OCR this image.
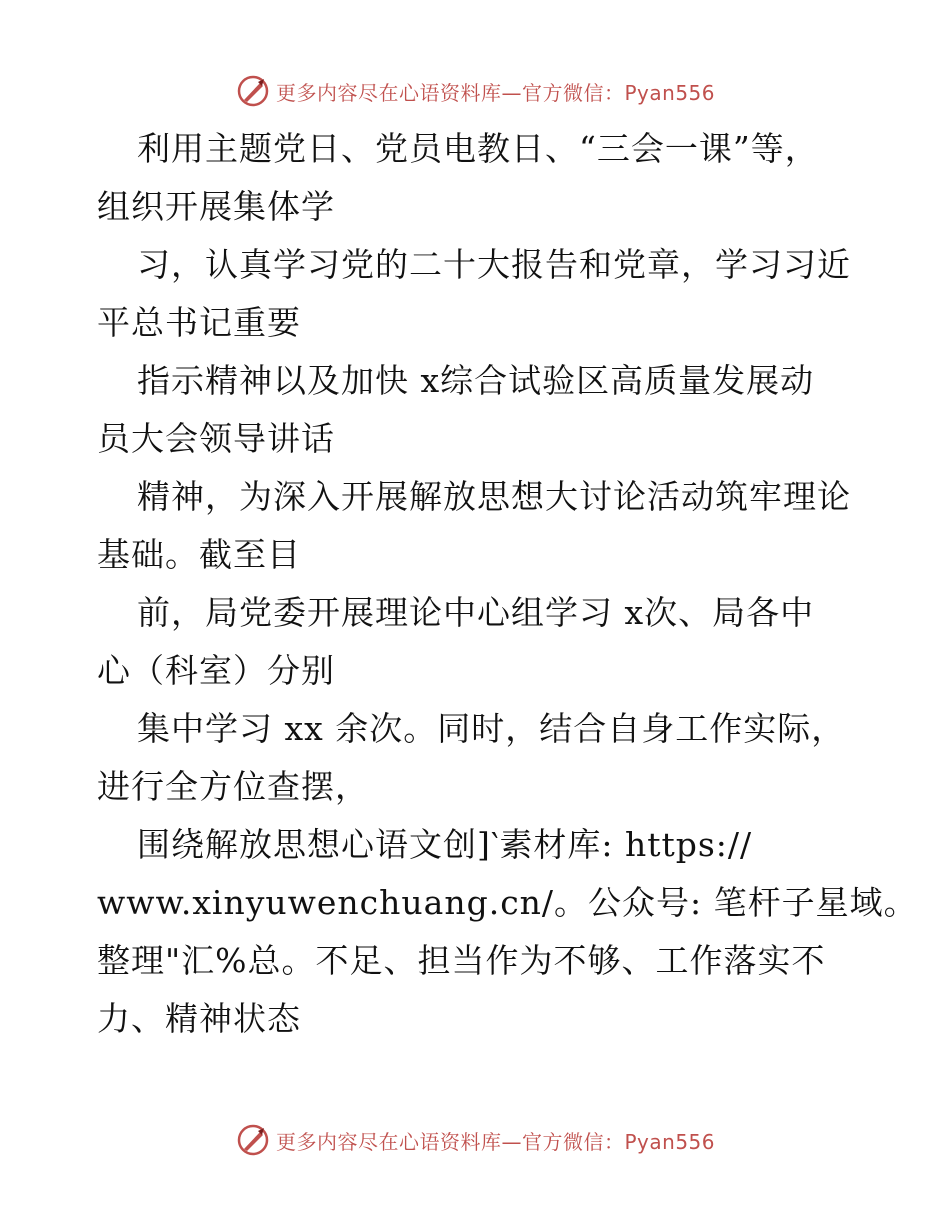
更多内容尽在心语资料库—官方微信：Pyan556
利用主题党日、党员电教日、“三会一课”等，
组织开展集体学
习，认真学习党的二十大报告和党章，学习习近
平总书记重要
指示精神以及加快 x综合试验区高质量发展动
员大会领导讲话
精神，为深入开展解放思想大讨论活动筑牢理论
基础。截至目
前，局党委开展理论中心组学习 x次、局各中
心（科室）分别
集中学习 xx 余次。同时，结合自身工作实际，
进行全方位查摆，
围绕解放思想心语文创]‵素材库: https://
www.xinyuwenchuang.cn/。公众号: 笔杆子星域。
整理"汇%总。不足、担当作为不够、工作落实不
力、精神状态
更多内容尽在心语资料库—官方微信：Pyan556
